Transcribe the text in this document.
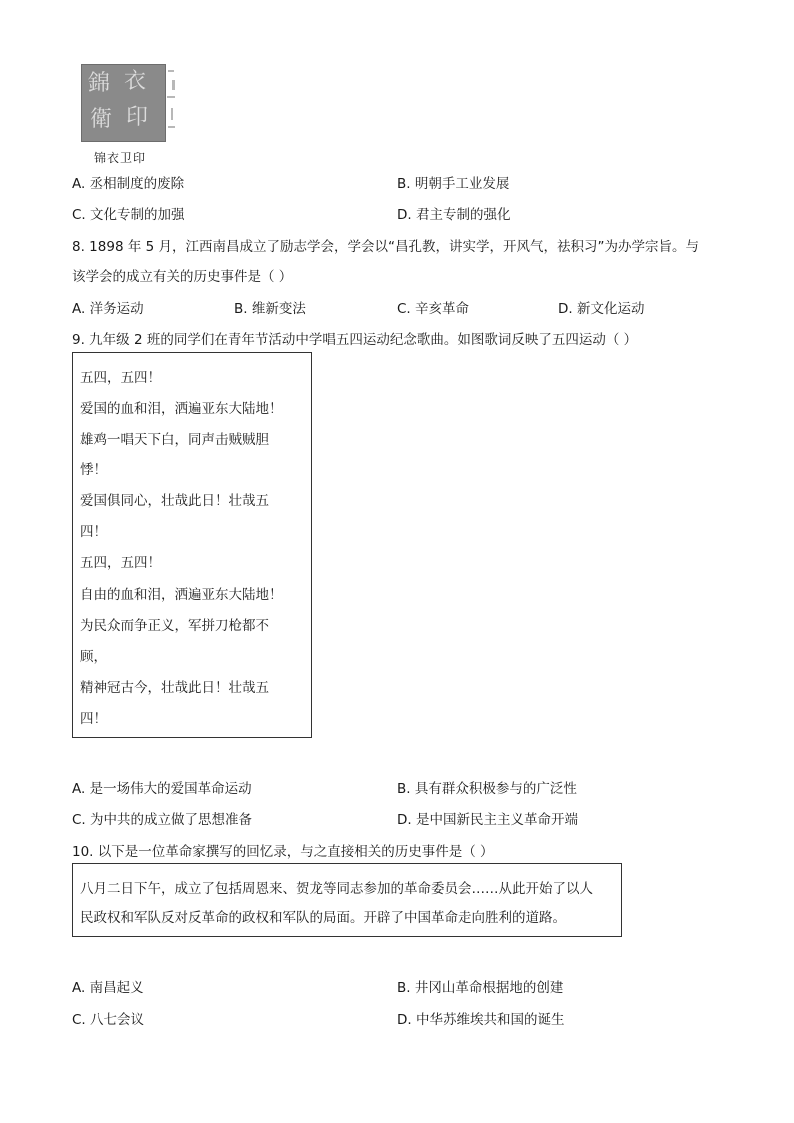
錦 衣
衛 印
锦衣卫印
A. 丞相制度的废除	B. 明朝手工业发展
C. 文化专制的加强	D. 君主专制的强化
8. 1898 年 5 月，江西南昌成立了励志学会，学会以“昌孔教，讲实学，开风气，祛积习”为办学宗旨。与
该学会的成立有关的历史事件是（ ）
A. 洋务运动	B. 维新变法	C. 辛亥革命	D. 新文化运动
9. 九年级 2 班的同学们在青年节活动中学唱五四运动纪念歌曲。如图歌词反映了五四运动（ ）
五四，五四！
爱国的血和泪，洒遍亚东大陆地！
雄鸡一唱天下白，同声击贼贼胆
悸！
爱国俱同心，壮哉此日！壮哉五
四！
五四，五四！
自由的血和泪，洒遍亚东大陆地！
为民众而争正义，军拼刀枪都不
顾，
精神冠古今，壮哉此日！壮哉五
四！
A. 是一场伟大的爱国革命运动	B. 具有群众积极参与的广泛性
C. 为中共的成立做了思想准备	D. 是中国新民主主义革命开端
10. 以下是一位革命家撰写的回忆录，与之直接相关的历史事件是（ ）
八月二日下午，成立了包括周恩来、贺龙等同志参加的革命委员会……从此开始了以人
民政权和军队反对反革命的政权和军队的局面。开辟了中国革命走向胜利的道路。
A. 南昌起义	B. 井冈山革命根据地的创建
C. 八七会议	D. 中华苏维埃共和国的诞生
